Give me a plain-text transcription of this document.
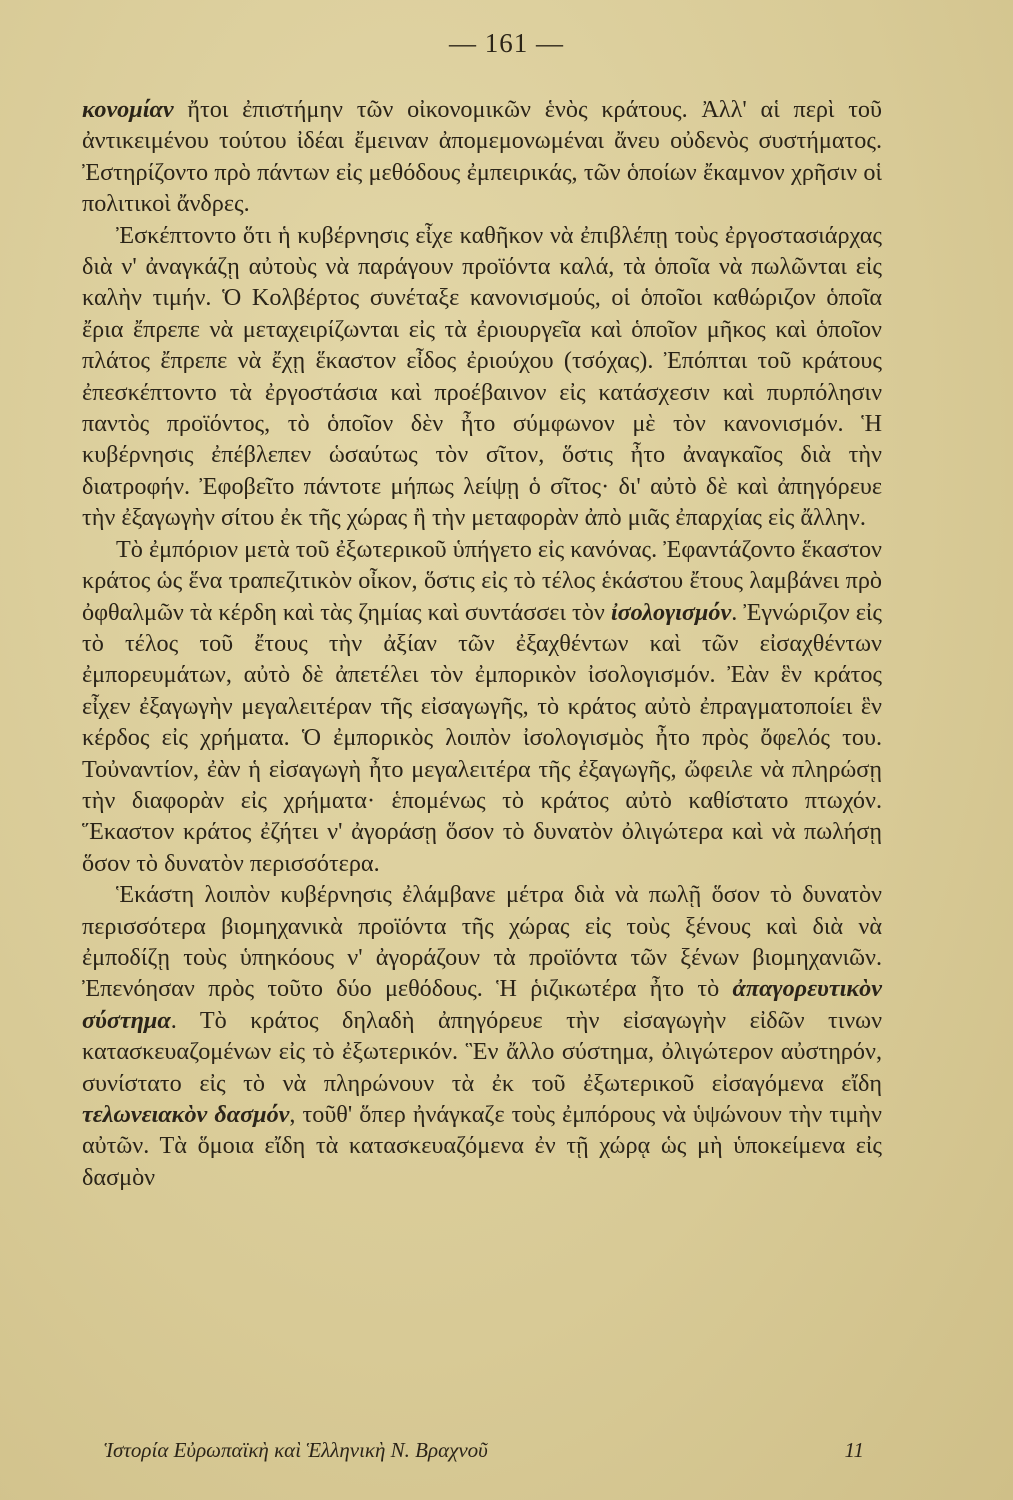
— 161 —

κονομίαν ἤτοι ἐπιστήμην τῶν οἰκονομικῶν ἑνὸς κράτους. Ἀλλ' αἱ περὶ τοῦ ἀντικειμένου τούτου ἰδέαι ἔμειναν ἀπομεμονωμέναι ἄνευ οὐδενὸς συστήματος. Ἐστηρίζοντο πρὸ πάντων εἰς μεθόδους ἐμπειρικάς, τῶν ὁποίων ἔκαμνον χρῆσιν οἱ πολιτικοὶ ἄνδρες.

Ἐσκέπτοντο ὅτι ἡ κυβέρνησις εἶχε καθῆκον νὰ ἐπιβλέπῃ τοὺς ἐργοστασιάρχας διὰ ν' ἀναγκάζῃ αὐτοὺς νὰ παράγουν προϊόντα καλά, τὰ ὁποῖα νὰ πωλῶνται εἰς καλὴν τιμήν. Ὁ Κολβέρτος συνέταξε κανονισμούς, οἱ ὁποῖοι καθώριζον ὁποῖα ἔρια ἔπρεπε νὰ μεταχειρίζωνται εἰς τὰ ἐριουργεῖα καὶ ὁποῖον μῆκος καὶ ὁποῖον πλάτος ἔπρεπε νὰ ἔχῃ ἕκαστον εἶδος ἐριούχου (τσόχας). Ἐπόπται τοῦ κράτους ἐπεσκέπτοντο τὰ ἐργοστάσια καὶ προέβαινον εἰς κατάσχεσιν καὶ πυρπόλησιν παντὸς προϊόντος, τὸ ὁποῖον δὲν ἦτο σύμφωνον μὲ τὸν κανονισμόν. Ἡ κυβέρνησις ἐπέβλεπεν ὡσαύτως τὸν σῖτον, ὅστις ἦτο ἀναγκαῖος διὰ τὴν διατροφήν. Ἐφοβεῖτο πάντοτε μήπως λείψῃ ὁ σῖτος· δι' αὐτὸ δὲ καὶ ἀπηγόρευε τὴν ἐξαγωγὴν σίτου ἐκ τῆς χώρας ἢ τὴν μεταφορὰν ἀπὸ μιᾶς ἐπαρχίας εἰς ἄλλην.

Τὸ ἐμπόριον μετὰ τοῦ ἐξωτερικοῦ ὑπήγετο εἰς κανόνας. Ἐφαντάζοντο ἕκαστον κράτος ὡς ἕνα τραπεζιτικὸν οἶκον, ὅστις εἰς τὸ τέλος ἑκάστου ἔτους λαμβάνει πρὸ ὀφθαλμῶν τὰ κέρδη καὶ τὰς ζημίας καὶ συντάσσει τὸν ἰσολογισμόν. Ἐγνώριζον εἰς τὸ τέλος τοῦ ἔτους τὴν ἀξίαν τῶν ἐξαχθέντων καὶ τῶν εἰσαχθέντων ἐμπορευμάτων, αὐτὸ δὲ ἀπετέλει τὸν ἐμπορικὸν ἰσολογισμόν. Ἐὰν ἓν κράτος εἶχεν ἐξαγωγὴν μεγαλειτέραν τῆς εἰσαγωγῆς, τὸ κράτος αὐτὸ ἐπραγματοποίει ἓν κέρδος εἰς χρήματα. Ὁ ἐμπορικὸς λοιπὸν ἰσολογισμὸς ἦτο πρὸς ὄφελός του. Τοὐναντίον, ἐὰν ἡ εἰσαγωγὴ ἦτο μεγαλειτέρα τῆς ἐξαγωγῆς, ὤφειλε νὰ πληρώσῃ τὴν διαφορὰν εἰς χρήματα· ἑπομένως τὸ κράτος αὐτὸ καθίστατο πτωχόν. Ἕκαστον κράτος ἐζήτει ν' ἀγοράσῃ ὅσον τὸ δυνατὸν ὀλιγώτερα καὶ νὰ πωλήσῃ ὅσον τὸ δυνατὸν περισσότερα.

Ἑκάστη λοιπὸν κυβέρνησις ἐλάμβανε μέτρα διὰ νὰ πωλῇ ὅσον τὸ δυνατὸν περισσότερα βιομηχανικὰ προϊόντα τῆς χώρας εἰς τοὺς ξένους καὶ διὰ νὰ ἐμποδίζῃ τοὺς ὑπηκόους ν' ἀγοράζουν τὰ προϊόντα τῶν ξένων βιομηχανιῶν. Ἐπενόησαν πρὸς τοῦτο δύο μεθόδους. Ἡ ῥιζικωτέρα ἦτο τὸ ἀπαγορευτικὸν σύστημα. Τὸ κράτος δηλαδὴ ἀπηγόρευε τὴν εἰσαγωγὴν εἰδῶν τινων κατασκευαζομένων εἰς τὸ ἐξωτερικόν. Ἓν ἄλλο σύστημα, ὀλιγώτερον αὐστηρόν, συνίστατο εἰς τὸ νὰ πληρώνουν τὰ ἐκ τοῦ ἐξωτερικοῦ εἰσαγόμενα εἴδη τελωνειακὸν δασμόν, τοῦθ' ὅπερ ἠνάγκαζε τοὺς ἐμπόρους νὰ ὑψώνουν τὴν τιμὴν αὐτῶν. Τὰ ὅμοια εἴδη τὰ κατασκευαζόμενα ἐν τῇ χώρᾳ ὡς μὴ ὑποκείμενα εἰς δασμὸν

Ἱστορία Εὐρωπαϊκὴ καὶ Ἑλληνικὴ Ν. Βραχνοῦ	11
